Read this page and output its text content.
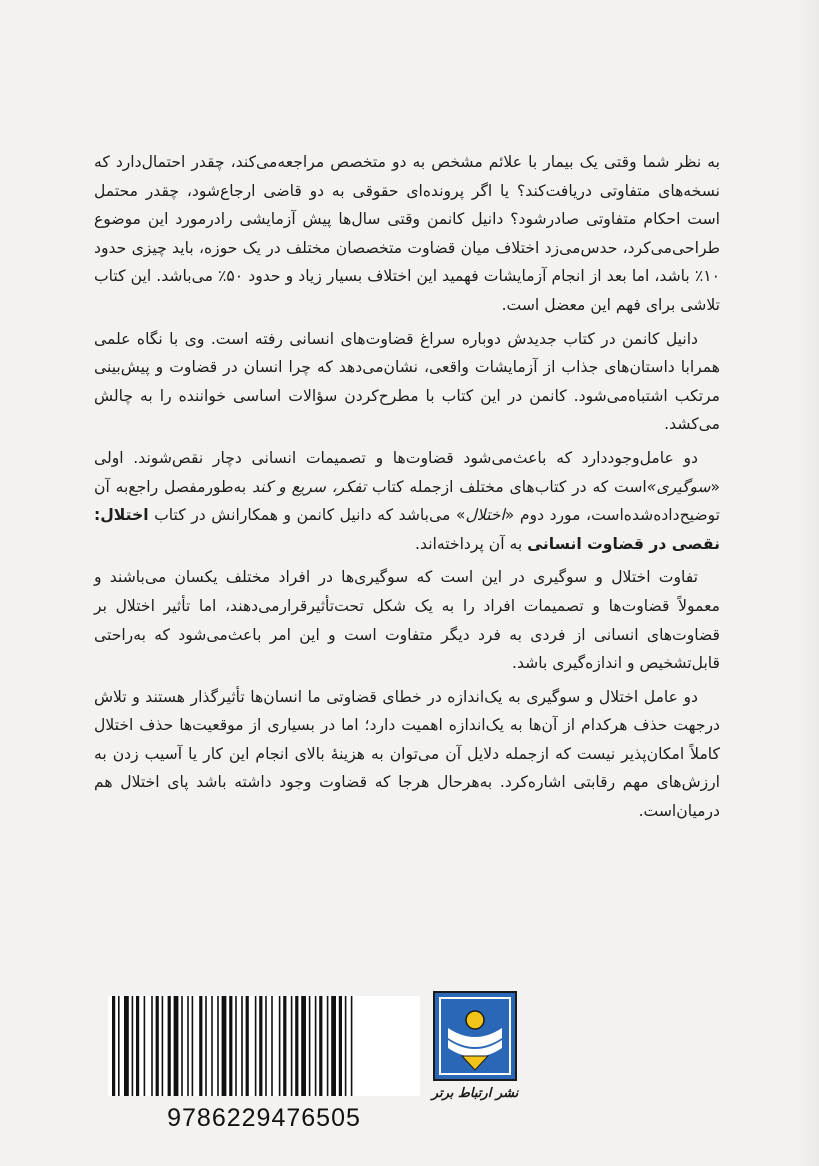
به نظر شما وقتی یک بیمار با علائم مشخص به دو متخصص مراجعه‌می‌کند، چقدر احتمال‌دارد که نسخه‌های متفاوتی دریافت‌کند؟ یا اگر پرونده‌ای حقوقی به دو قاضی ارجاع‌شود، چقدر محتمل است احکام متفاوتی صادرشود؟ دانیل کانمن وقتی سال‌ها پیش آزمایشی رادرمورد این موضوع طراحی‌می‌کرد، حدس‌می‌زد اختلاف میان قضاوت متخصصان مختلف در یک حوزه، باید چیزی حدود ۱۰٪ باشد، اما بعد از انجام آزمایشات فهمید این اختلاف بسیار زیاد و حدود ۵۰٪ می‌باشد. این کتاب تلاشی برای فهم این معضل است.

دانیل کانمن در کتاب جدیدش دوباره سراغ قضاوت‌های انسانی رفته است. وی با نگاه علمی همرابا داستان‌های جذاب از آزمایشات واقعی، نشان‌می‌دهد که چرا انسان در قضاوت و پیش‌بینی مرتکب اشتباه‌می‌شود. کانمن در این کتاب با مطرح‌کردن سؤالات اساسی خواننده را به چالش می‌کشد.

دو عامل‌وجوددارد که باعث‌می‌شود قضاوت‌ها و تصمیمات انسانی دچار نقص‌شوند. اولی «سوگیری»است که در کتاب‌های مختلف ازجمله کتاب تفکر، سریع و کند به‌طورمفصل راجع‌به آن توضیح‌داده‌شده‌است، مورد دوم «اختلال» می‌باشد که دانیل کانمن و همکارانش در کتاب اختلال: نقصی در قضاوت انسانی به آن پرداخته‌اند.

تفاوت اختلال و سوگیری در این است که سوگیری‌ها در افراد مختلف یکسان می‌باشند و معمولاً قضاوت‌ها و تصمیمات افراد را به یک شکل تحت‌تأثیرقرارمی‌دهند، اما تأثیر اختلال بر قضاوت‌های انسانی از فردی به فرد دیگر متفاوت است و این امر باعث‌می‌شود که به‌راحتی قابل‌تشخیص و اندازه‌گیری باشد.

دو عامل اختلال و سوگیری به یک‌اندازه در خطای قضاوتی ما انسان‌ها تأثیرگذار هستند و تلاش درجهت حذف هرکدام از آن‌ها به یک‌اندازه اهمیت دارد؛ اما در بسیاری از موقعیت‌ها حذف اختلال کاملاً امکان‌پذیر نیست که ازجمله دلایل آن می‌توان به هزینهٔ بالای انجام این کار یا آسیب زدن به ارزش‌های مهم رقابتی اشاره‌کرد. به‌هرحال هرجا که قضاوت وجود داشته باشد پای اختلال هم درمیان‌است.

نشر ارتباط برتر
9786229476505
